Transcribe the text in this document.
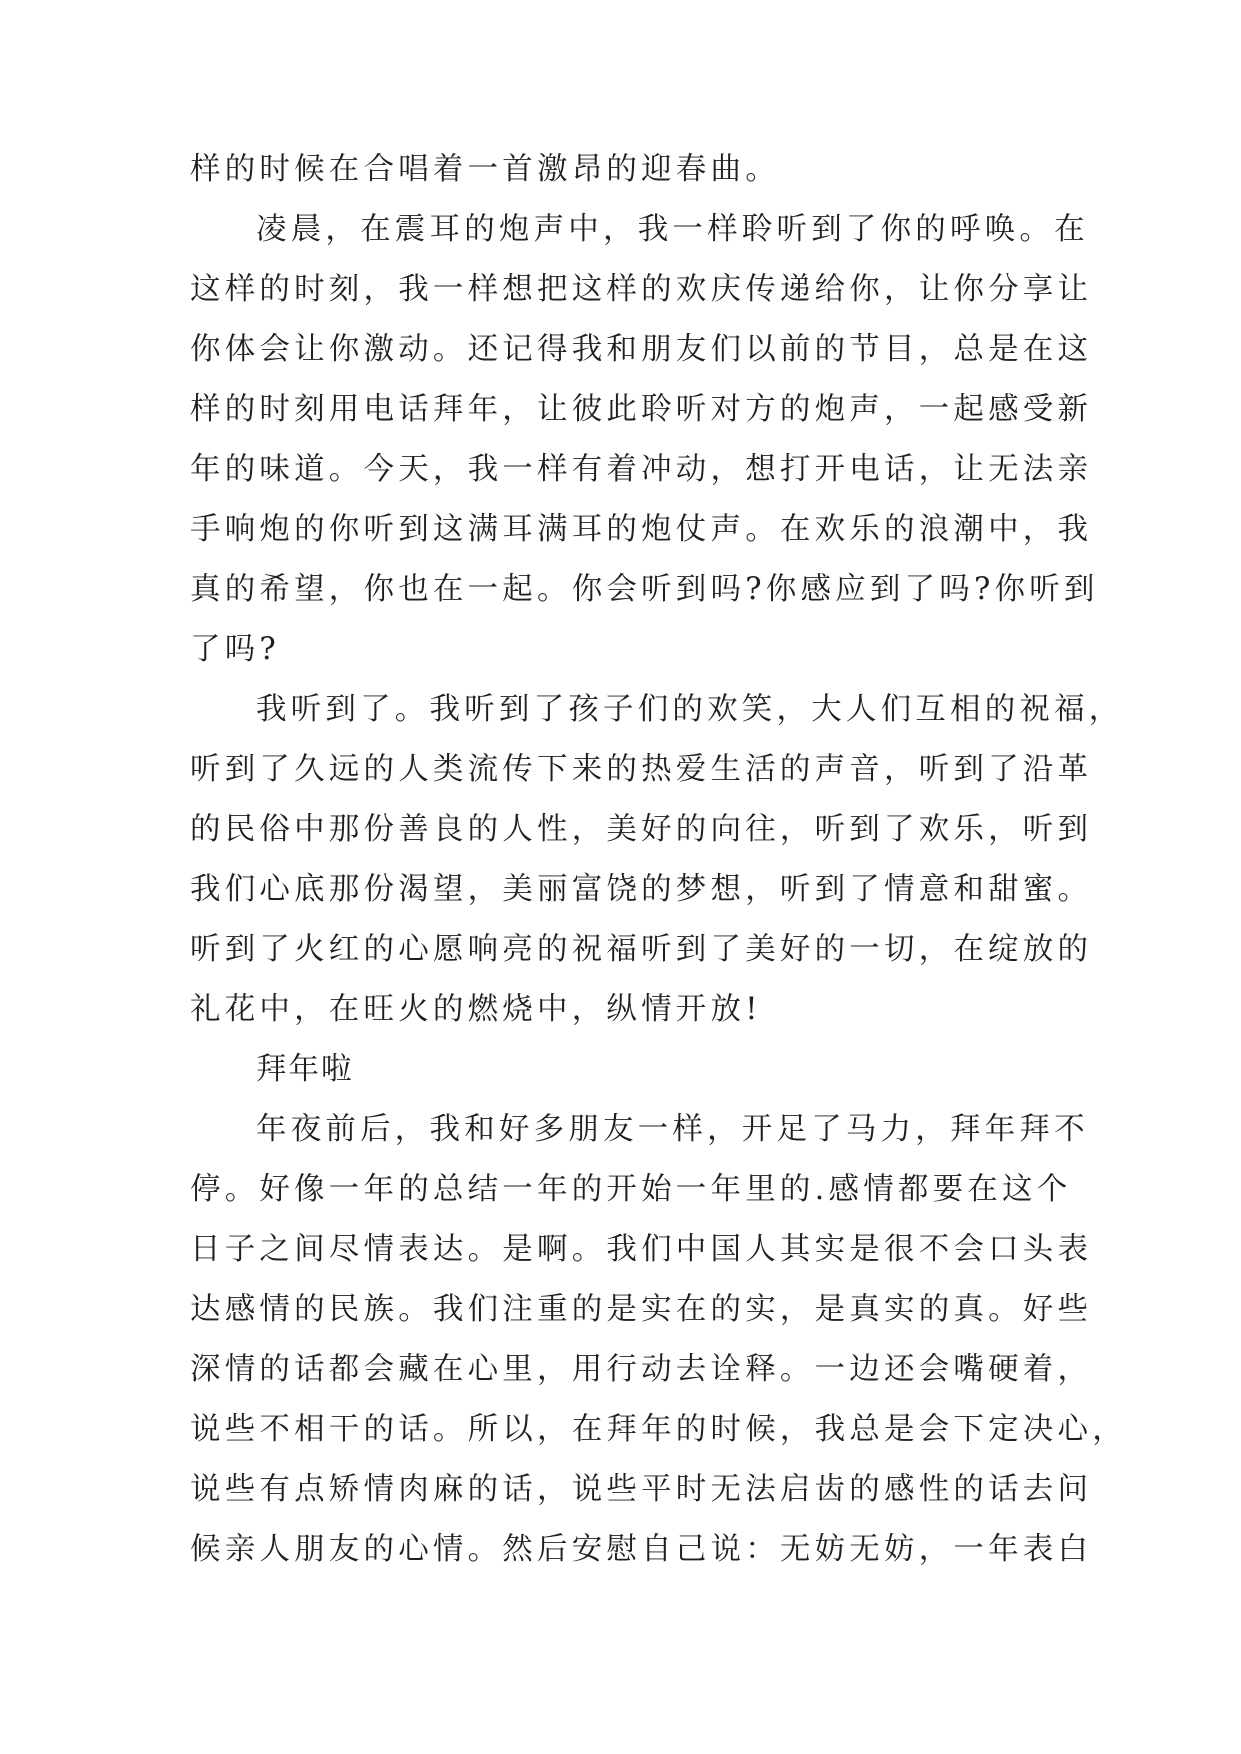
样的时候在合唱着一首激昂的迎春曲。
凌晨，在震耳的炮声中，我一样聆听到了你的呼唤。在
这样的时刻，我一样想把这样的欢庆传递给你，让你分享让
你体会让你激动。还记得我和朋友们以前的节目，总是在这
样的时刻用电话拜年，让彼此聆听对方的炮声，一起感受新
年的味道。今天，我一样有着冲动，想打开电话，让无法亲
手响炮的你听到这满耳满耳的炮仗声。在欢乐的浪潮中，我
真的希望，你也在一起。你会听到吗?你感应到了吗?你听到
了吗?
我听到了。我听到了孩子们的欢笑，大人们互相的祝福，
听到了久远的人类流传下来的热爱生活的声音，听到了沿革
的民俗中那份善良的人性，美好的向往，听到了欢乐，听到
我们心底那份渴望，美丽富饶的梦想，听到了情意和甜蜜。
听到了火红的心愿响亮的祝福听到了美好的一切，在绽放的
礼花中，在旺火的燃烧中，纵情开放!
拜年啦
年夜前后，我和好多朋友一样，开足了马力，拜年拜不
停。好像一年的总结一年的开始一年里的.感情都要在这个
日子之间尽情表达。是啊。我们中国人其实是很不会口头表
达感情的民族。我们注重的是实在的实，是真实的真。好些
深情的话都会藏在心里，用行动去诠释。一边还会嘴硬着，
说些不相干的话。所以，在拜年的时候，我总是会下定决心，
说些有点矫情肉麻的话，说些平时无法启齿的感性的话去问
候亲人朋友的心情。然后安慰自己说：无妨无妨，一年表白
